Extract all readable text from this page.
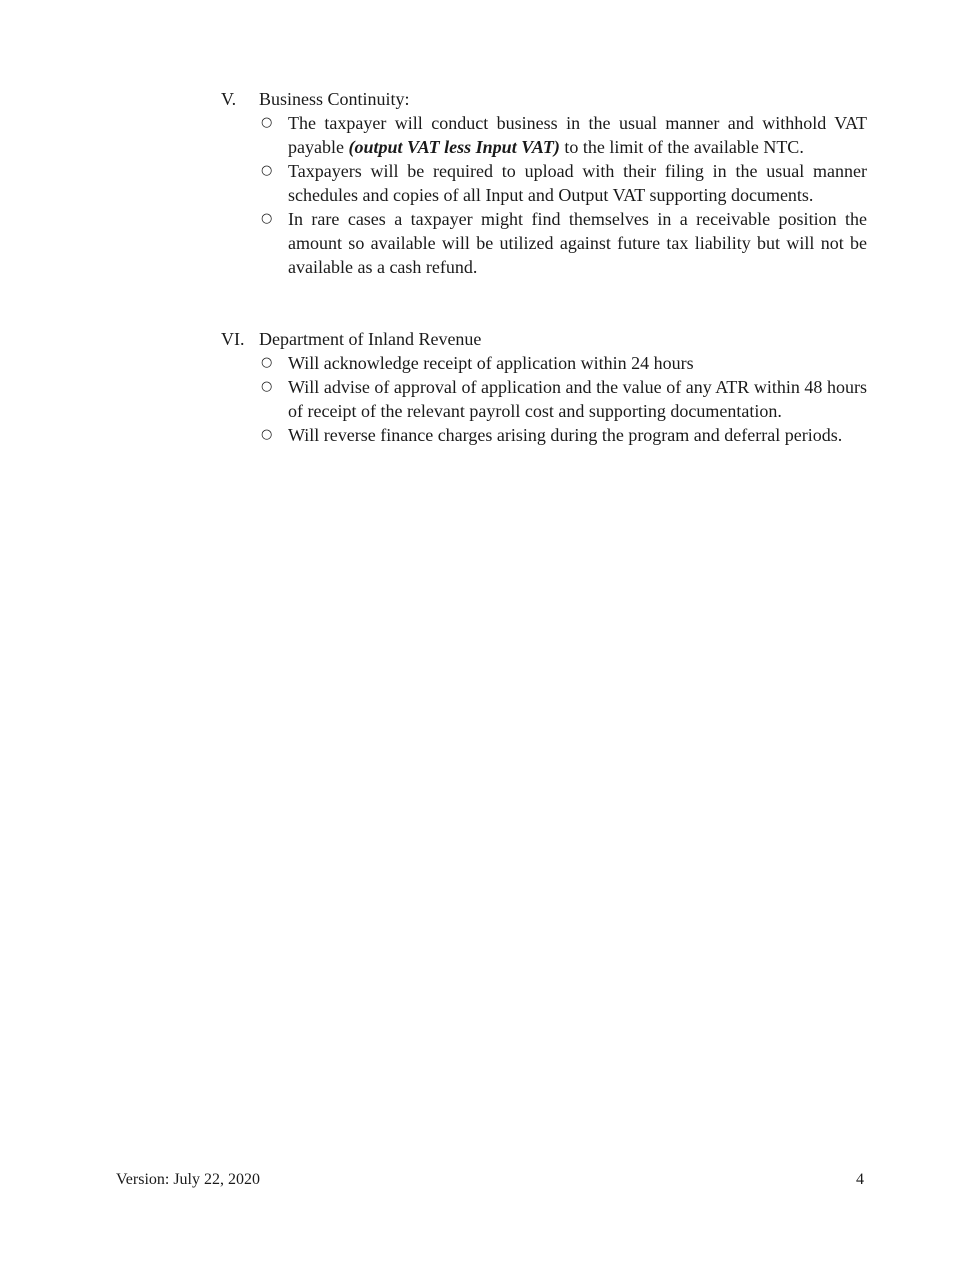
V. Business Continuity:
○ The taxpayer will conduct business in the usual manner and withhold VAT payable (output VAT less Input VAT) to the limit of the available NTC.
○ Taxpayers will be required to upload with their filing in the usual manner schedules and copies of all Input and Output VAT supporting documents.
○ In rare cases a taxpayer might find themselves in a receivable position the amount so available will be utilized against future tax liability but will not be available as a cash refund.
VI. Department of Inland Revenue
○ Will acknowledge receipt of application within 24 hours
○ Will advise of approval of application and the value of any ATR within 48 hours of receipt of the relevant payroll cost and supporting documentation.
○ Will reverse finance charges arising during the program and deferral periods.
Version: July 22, 2020	4
